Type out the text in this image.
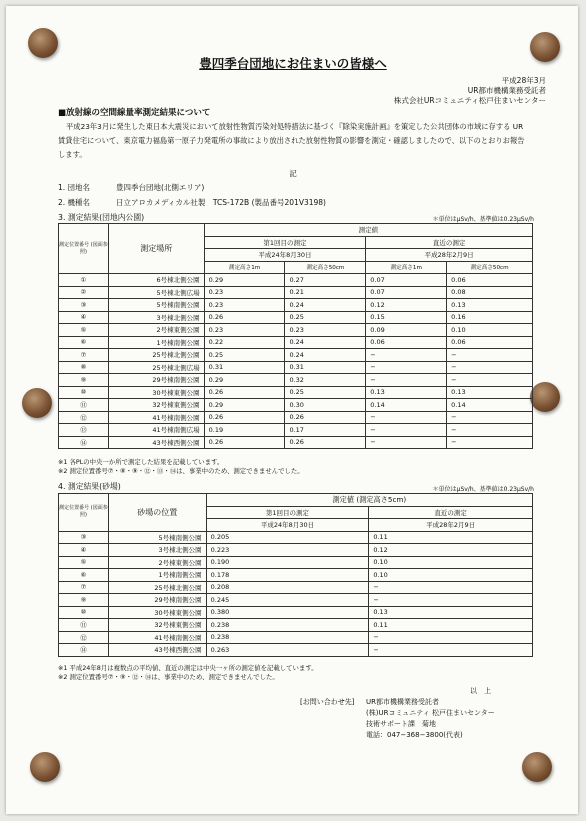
豊四季台団地にお住まいの皆様へ
平成28年3月
UR都市機構業務受託者
株式会社URコミュニティ松戸住まいセンター
■放射線の空間線量率測定結果について
平成23年3月に発生した東日本大震災において放射性物質汚染対処特措法に基づく『除染実施計画』を策定した公共団体の市域に存する UR賃貸住宅について、東京電力福島第一原子力発電所の事故により放出された放射性物質の影響を測定・確認しましたので、以下のとおりお報告します。
記
1. 団地名	豊四季台団地(北側エリア)
2. 機種名	日立アロカメディカル社製　TCS-172B (製品番号201V3198)
3. 測定結果(団地内公園)	＊単位はμSv/h、基準値は0.23μSv/h
測定位置番号 (図面参照)	測定場所	測定値			
		第1回目の測定		直近の測定	
		平成24年8月30日		平成28年2月9日	
		測定高さ1m	測定高さ50cm	測定高さ1m	測定高さ50cm
①	6号棟北側公園	0.29	0.27	0.07	0.06
②	5号棟北側広場	0.23	0.21	0.07	0.08
③	5号棟南側公園	0.23	0.24	0.12	0.13
④	3号棟北側公園	0.26	0.25	0.15	0.16
⑤	2号棟東側公園	0.23	0.23	0.09	0.10
⑥	1号棟南側公園	0.22	0.24	0.06	0.06
⑦	25号棟北側公園	0.25	0.24	−	−
⑧	25号棟北側広場	0.31	0.31	−	−
⑨	29号棟南側公園	0.29	0.32	−	−
⑩	30号棟東側公園	0.26	0.25	0.13	0.13
⑪	32号棟東側公園	0.29	0.30	0.14	0.14
⑫	41号棟南側公園	0.26	0.26	−	−
⑬	41号棟南側広場	0.19	0.17	−	−
⑭	43号棟西側公園	0.26	0.26	−	−
※1 各PLの中央一か所で測定した結果を記載しています。
※2 測定位置番号⑦・⑧・⑨・⑫・⑬・⑭は、事業中のため、測定できませんでした。
4. 測定結果(砂場)	＊単位はμSv/h、基準値は0.23μSv/h
測定位置番号 (図面参照)	砂場の位置	測定値 (測定高さ5cm)	
		第1回目の測定	直近の測定
		平成24年8月30日	平成28年2月9日
③	5号棟南側公園	0.205	0.11
④	3号棟北側公園	0.223	0.12
⑤	2号棟東側公園	0.190	0.10
⑥	1号棟南側公園	0.178	0.10
⑦	25号棟北側公園	0.208	−
⑨	29号棟南側公園	0.245	−
⑩	30号棟東側公園	0.380	0.13
⑪	32号棟東側公園	0.238	0.11
⑫	41号棟南側公園	0.238	−
⑭	43号棟西側公園	0.263	−
※1 平成24年8月は複数点の平均値、直近の測定は中央一ヶ所の測定値を記載しています。
※2 測定位置番号⑦・⑨・⑫・⑭は、事業中のため、測定できませんでした。
以　上
[お問い合わせ先] UR都市機構業務受託者
(株)URコミュニティ 松戸住まいセンター
技術サポート課　菊地
電話：047−368−3800(代表)
